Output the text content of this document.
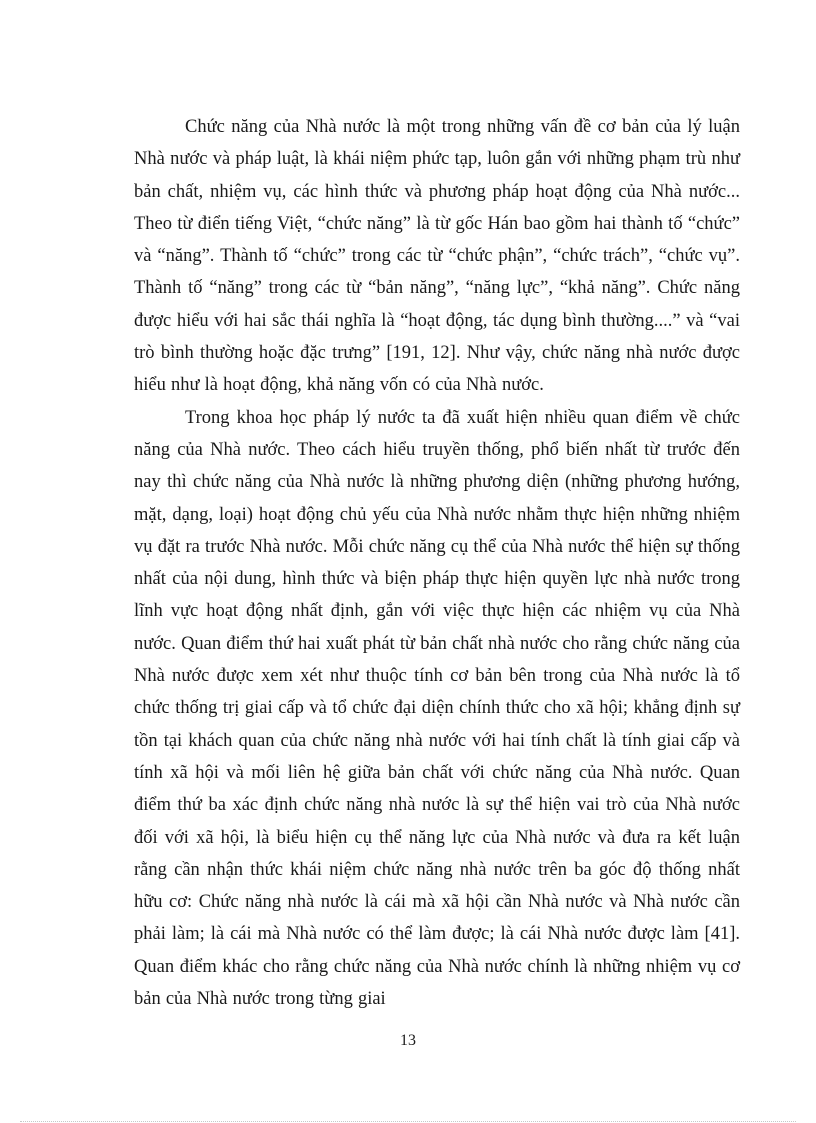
Chức năng của Nhà nước là một trong những vấn đề cơ bản của lý luận Nhà nước và pháp luật, là khái niệm phức tạp, luôn gắn với những phạm trù như bản chất, nhiệm vụ, các hình thức và phương pháp hoạt động của Nhà nước... Theo từ điển tiếng Việt, “chức năng” là từ gốc Hán bao gồm hai thành tố “chức” và “năng”. Thành tố “chức” trong các từ “chức phận”, “chức trách”, “chức vụ”. Thành tố “năng” trong các từ “bản năng”, “năng lực”, “khả năng”. Chức năng được hiểu với hai sắc thái nghĩa là “hoạt động, tác dụng bình thường....” và “vai trò bình thường hoặc đặc trưng” [191, 12]. Như vậy, chức năng nhà nước được hiểu như là hoạt động, khả năng vốn có của Nhà nước.

Trong khoa học pháp lý nước ta đã xuất hiện nhiều quan điểm về chức năng của Nhà nước. Theo cách hiểu truyền thống, phổ biến nhất từ trước đến nay thì chức năng của Nhà nước là những phương diện (những phương hướng, mặt, dạng, loại) hoạt động chủ yếu của Nhà nước nhằm thực hiện những nhiệm vụ đặt ra trước Nhà nước. Mỗi chức năng cụ thể của Nhà nước thể hiện sự thống nhất của nội dung, hình thức và biện pháp thực hiện quyền lực nhà nước trong lĩnh vực hoạt động nhất định, gắn với việc thực hiện các nhiệm vụ của Nhà nước. Quan điểm thứ hai xuất phát từ bản chất nhà nước cho rằng chức năng của Nhà nước được xem xét như thuộc tính cơ bản bên trong của Nhà nước là tổ chức thống trị giai cấp và tổ chức đại diện chính thức cho xã hội; khẳng định sự tồn tại khách quan của chức năng nhà nước với hai tính chất là tính giai cấp và tính xã hội và mối liên hệ giữa bản chất với chức năng của Nhà nước. Quan điểm thứ ba xác định chức năng nhà nước là sự thể hiện vai trò của Nhà nước đối với xã hội, là biểu hiện cụ thể năng lực của Nhà nước và đưa ra kết luận rằng cần nhận thức khái niệm chức năng nhà nước trên ba góc độ thống nhất hữu cơ: Chức năng nhà nước là cái mà xã hội cần Nhà nước và Nhà nước cần phải làm; là cái mà Nhà nước có thể làm được; là cái Nhà nước được làm [41]. Quan điểm khác cho rằng chức năng của Nhà nước chính là những nhiệm vụ cơ bản của Nhà nước trong từng giai

13
